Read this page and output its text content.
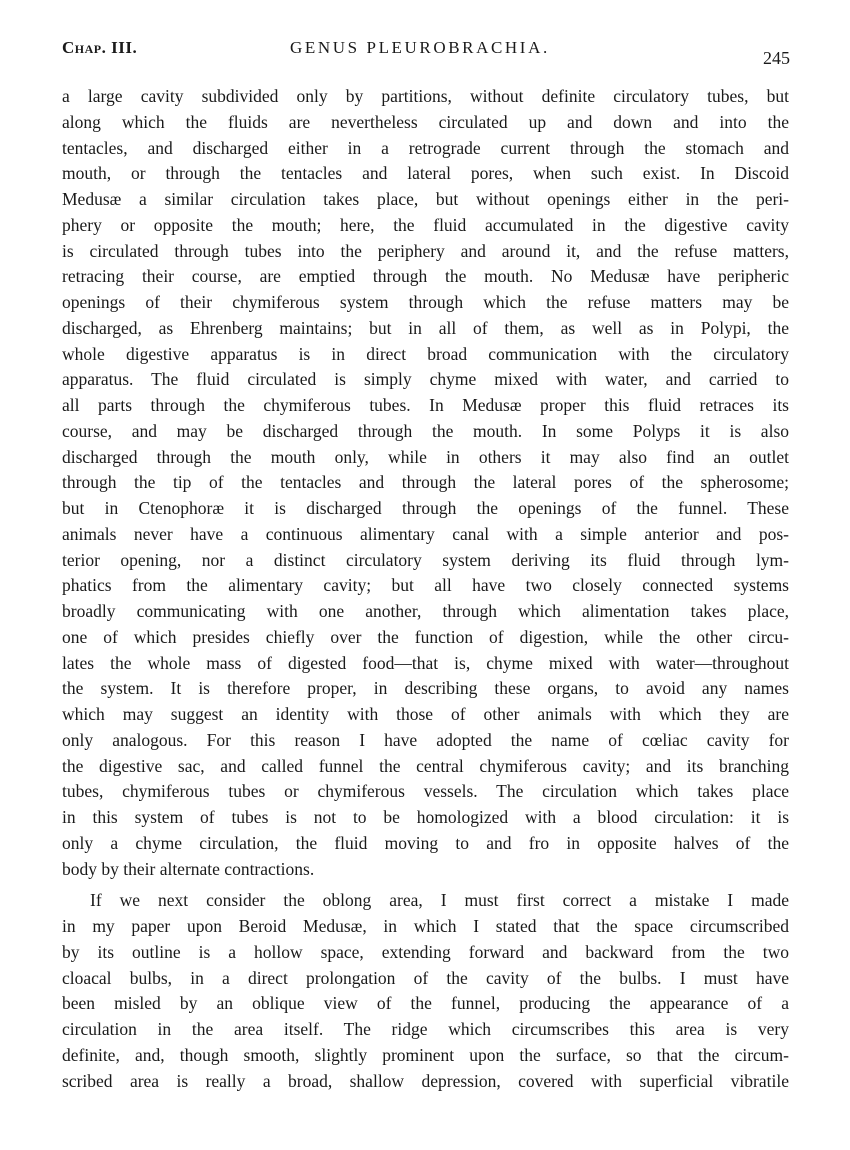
Chap. III.	GENUS PLEUROBRACHIA.
245
a large cavity subdivided only by partitions, without definite circulatory tubes, but
along which the fluids are nevertheless circulated up and down and into the
tentacles, and discharged either in a retrograde current through the stomach and
mouth, or through the tentacles and lateral pores, when such exist. In Discoid
Medusæ a similar circulation takes place, but without openings either in the peri-
phery or opposite the mouth; here, the fluid accumulated in the digestive cavity
is circulated through tubes into the periphery and around it, and the refuse matters,
retracing their course, are emptied through the mouth. No Medusæ have peripheric
openings of their chymiferous system through which the refuse matters may be
discharged, as Ehrenberg maintains; but in all of them, as well as in Polypi, the
whole digestive apparatus is in direct broad communication with the circulatory
apparatus. The fluid circulated is simply chyme mixed with water, and carried to
all parts through the chymiferous tubes. In Medusæ proper this fluid retraces its
course, and may be discharged through the mouth. In some Polyps it is also
discharged through the mouth only, while in others it may also find an outlet
through the tip of the tentacles and through the lateral pores of the spherosome;
but in Ctenophoræ it is discharged through the openings of the funnel. These
animals never have a continuous alimentary canal with a simple anterior and pos-
terior opening, nor a distinct circulatory system deriving its fluid through lym-
phatics from the alimentary cavity; but all have two closely connected systems
broadly communicating with one another, through which alimentation takes place,
one of which presides chiefly over the function of digestion, while the other circu-
lates the whole mass of digested food—that is, chyme mixed with water—throughout
the system. It is therefore proper, in describing these organs, to avoid any names
which may suggest an identity with those of other animals with which they are
only analogous. For this reason I have adopted the name of cœliac cavity for
the digestive sac, and called funnel the central chymiferous cavity; and its branching
tubes, chymiferous tubes or chymiferous vessels. The circulation which takes place
in this system of tubes is not to be homologized with a blood circulation: it is
only a chyme circulation, the fluid moving to and fro in opposite halves of the
body by their alternate contractions.
If we next consider the oblong area, I must first correct a mistake I made
in my paper upon Beroid Medusæ, in which I stated that the space circumscribed
by its outline is a hollow space, extending forward and backward from the two
cloacal bulbs, in a direct prolongation of the cavity of the bulbs. I must have
been misled by an oblique view of the funnel, producing the appearance of a
circulation in the area itself. The ridge which circumscribes this area is very
definite, and, though smooth, slightly prominent upon the surface, so that the circum-
scribed area is really a broad, shallow depression, covered with superficial vibratile
